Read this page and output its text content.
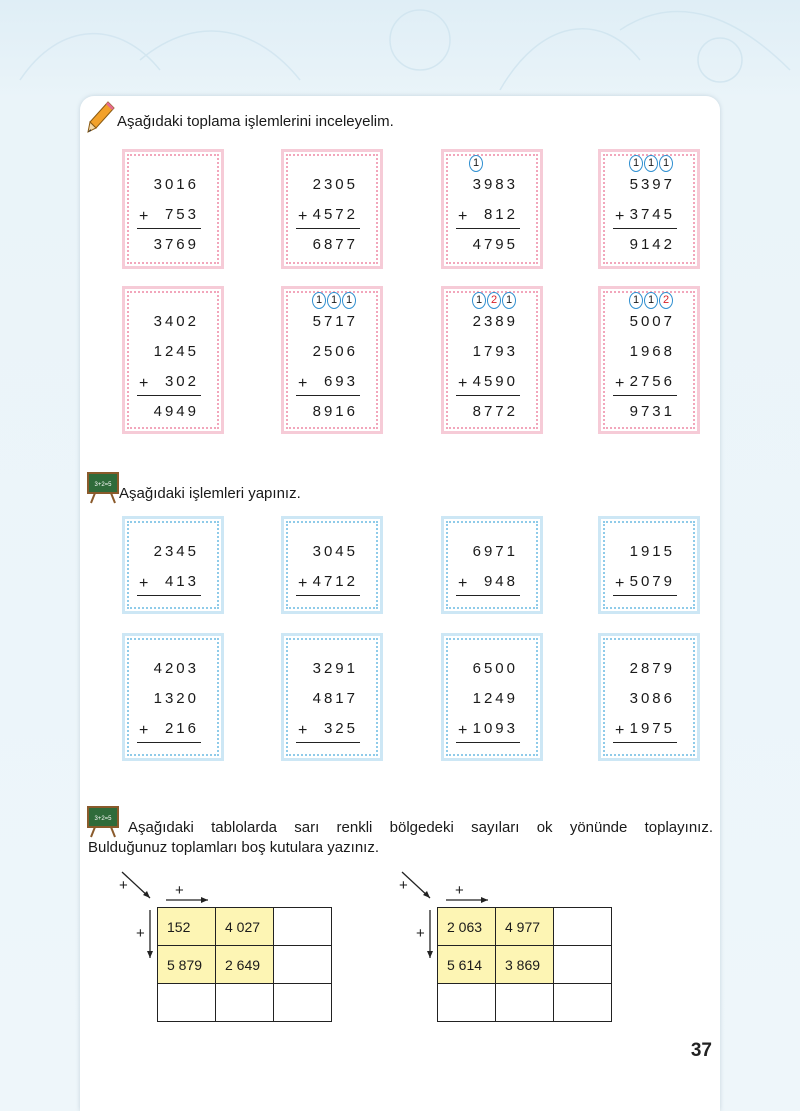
Aşağıdaki toplama işlemlerini inceleyelim.
3016
753
+
3769
2305
4572
+
6877
1
3983
812
+
4795
1 1 1
5397
3745
+
9142
3402
1245
302
+
4949
1 1 1
5717
2506
693
+
8916
1 2 1
2389
1793
4590
+
8772
1 1 2
5007
1968
2756
+
9731
3+2=5 Aşağıdaki işlemleri yapınız.
2345
413
+
3045
4712
+
6971
948
+
1915
5079
+
4203
1320
216
+
3291
4817
325
+
6500
1249
1093
+
2879
3086
1975
+
3+2=5 Aşağıdaki tablolarda sarı renkli bölgedeki sayıları ok yönünde toplayınız.
Bulduğunuz toplamları boş kutulara yazınız.
+	+
+
+	+
+
152	4 027	
5 879	2 649	

2 063	4 977	
5 614	3 869	

37
